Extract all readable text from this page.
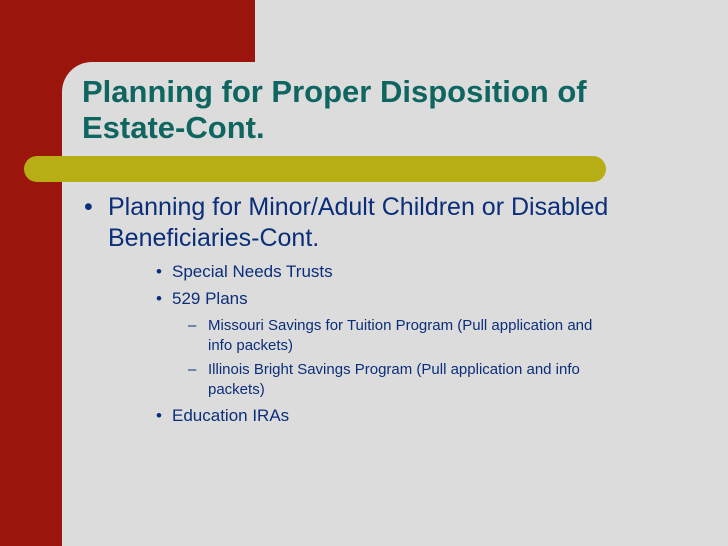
Planning for Proper Disposition of
Estate-Cont.
• Planning for Minor/Adult Children or Disabled
Beneficiaries-Cont.
• Special Needs Trusts
• 529 Plans
– Missouri Savings for Tuition Program (Pull application and
info packets)
– Illinois Bright Savings Program (Pull application and info
packets)
• Education IRAs
